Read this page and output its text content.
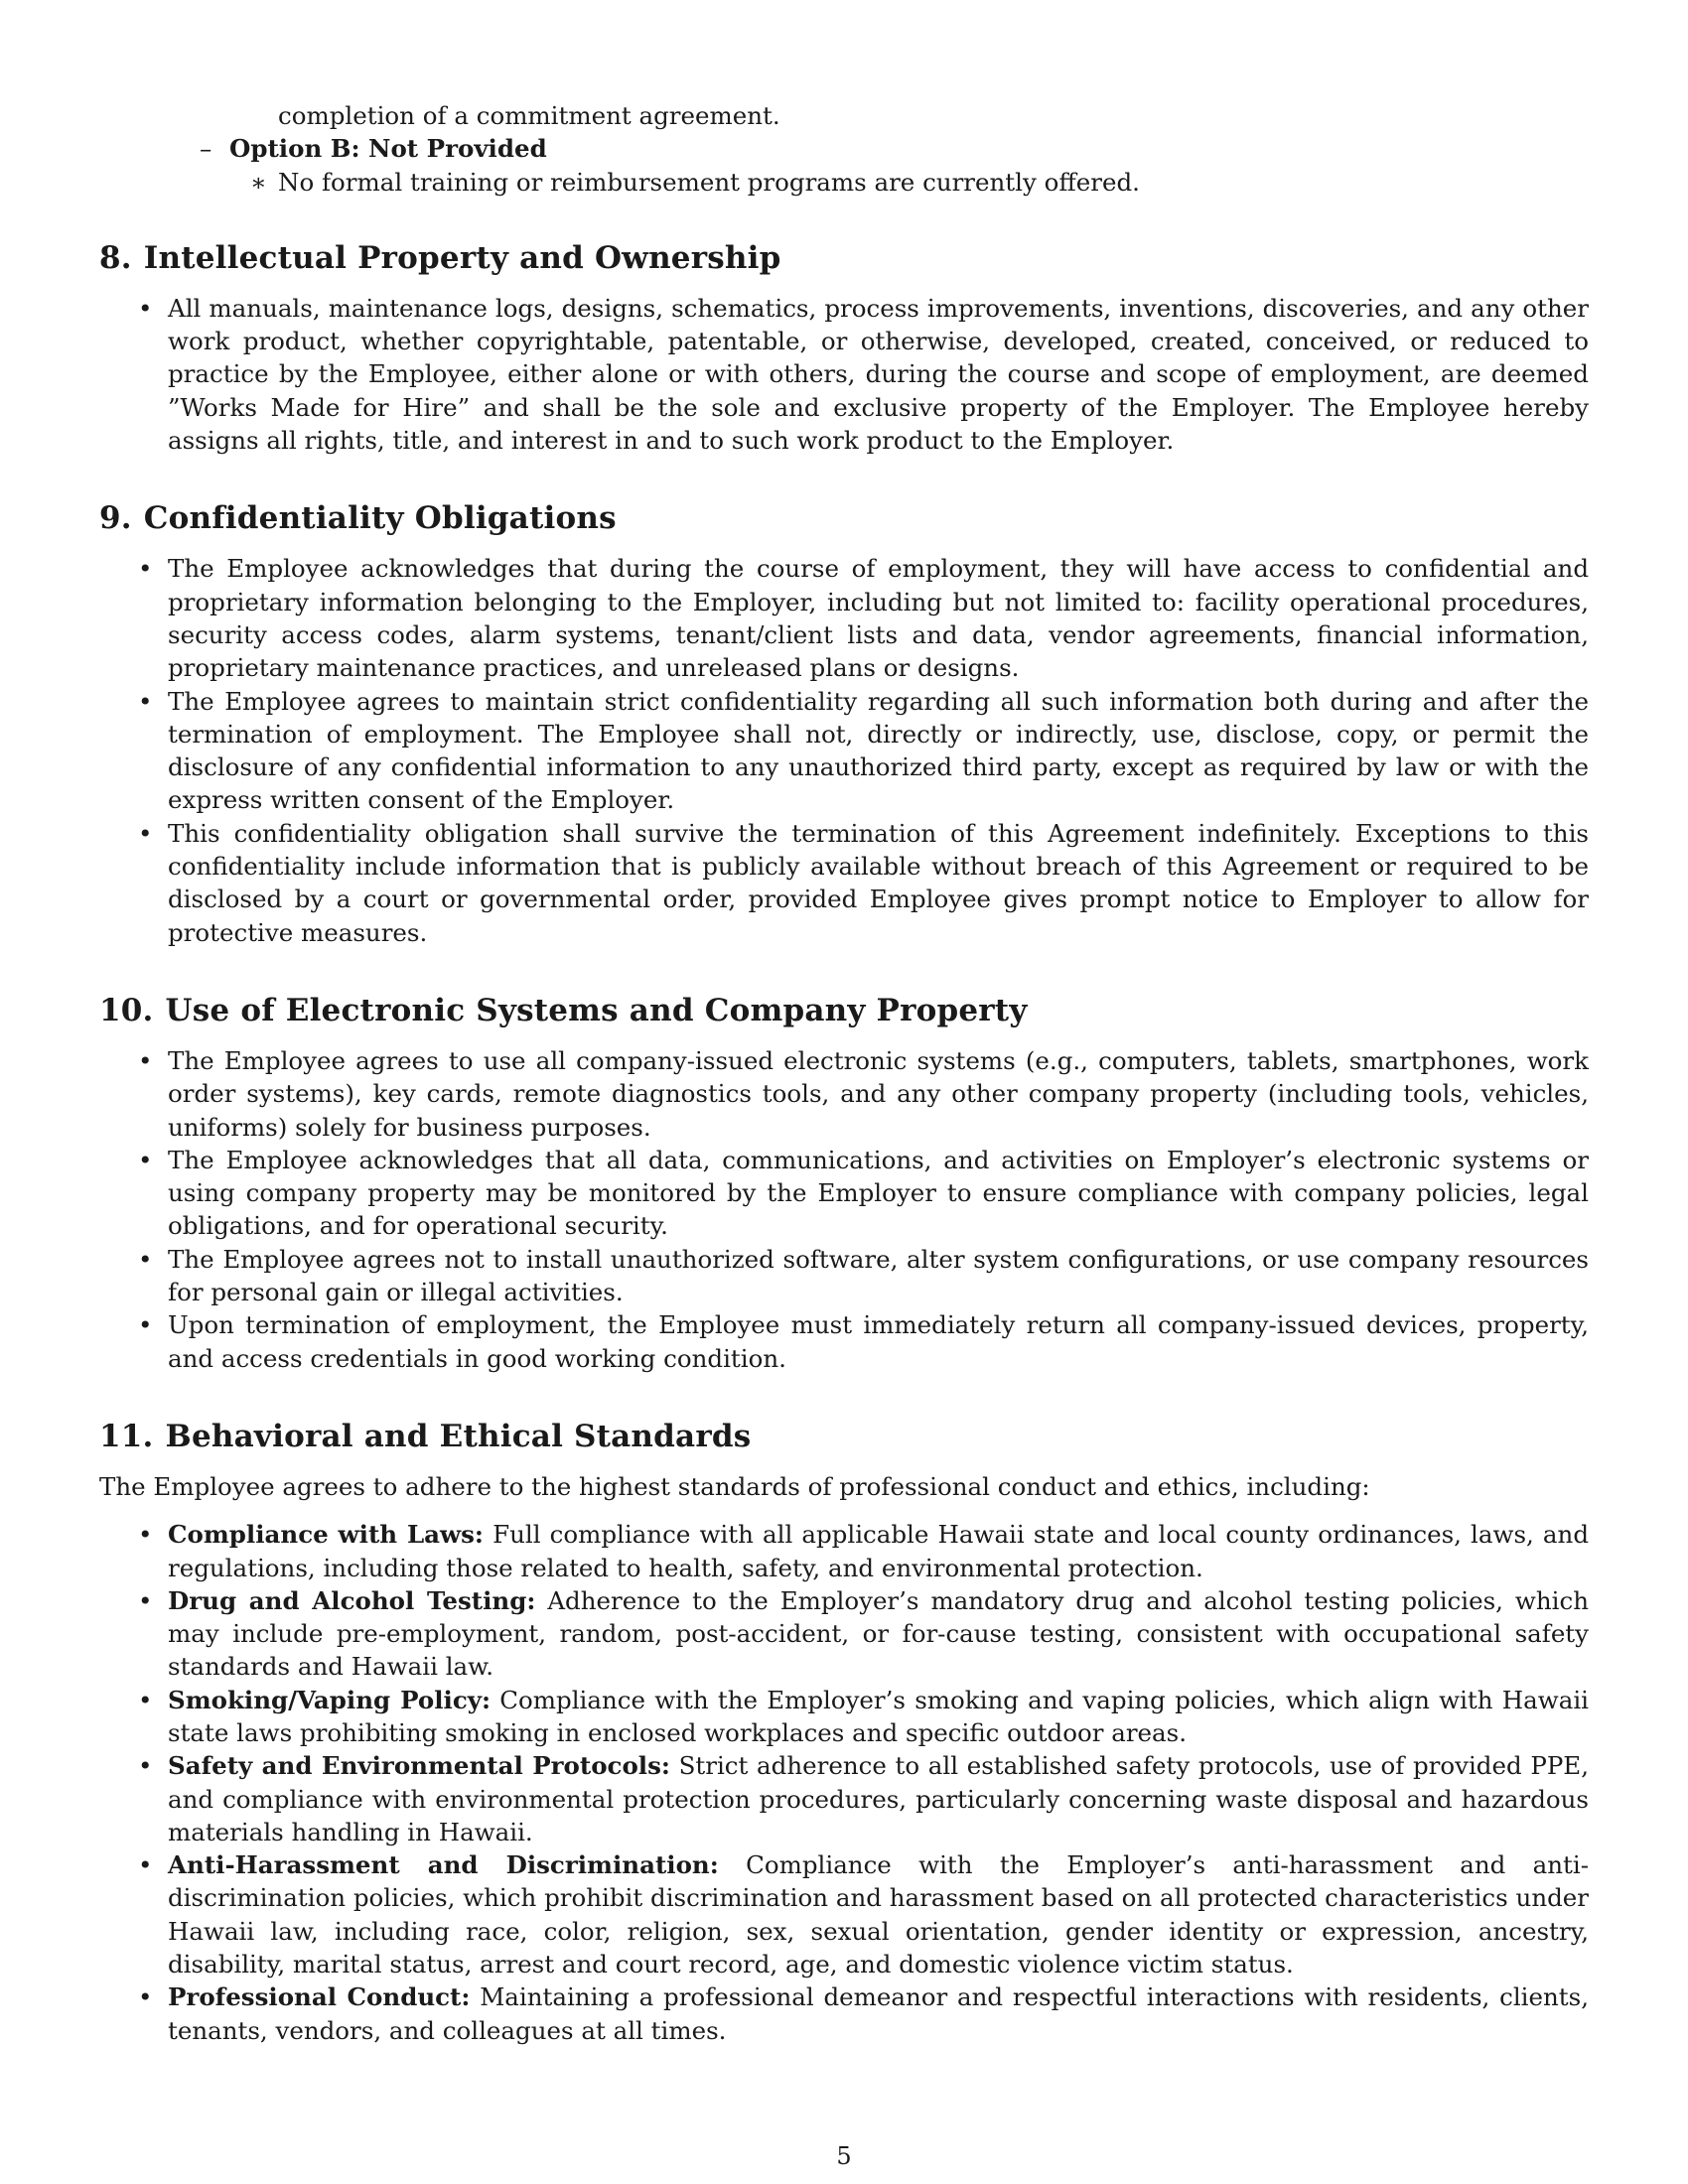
completion of a commitment agreement.

– Option B: Not Provided

∗ No formal training or reimbursement programs are currently offered.

8. Intellectual Property and Ownership
• All manuals, maintenance logs, designs, schematics, process improvements, inventions, discoveries, and any other work product, whether copyrightable, patentable, or otherwise, developed, created, conceived, or reduced to practice by the Employee, either alone or with others, during the course and scope of employment, are deemed ”Works Made for Hire” and shall be the sole and exclusive property of the Employer. The Employee hereby assigns all rights, title, and interest in and to such work product to the Employer.
9. Confidentiality Obligations
• The Employee acknowledges that during the course of employment, they will have access to confidential and proprietary information belonging to the Employer, including but not limited to: facility operational procedures, security access codes, alarm systems, tenant/client lists and data, vendor agreements, financial information, proprietary maintenance practices, and unreleased plans or designs.
• The Employee agrees to maintain strict confidentiality regarding all such information both during and after the termination of employment. The Employee shall not, directly or indirectly, use, disclose, copy, or permit the disclosure of any confidential information to any unauthorized third party, except as required by law or with the express written consent of the Employer.
• This confidentiality obligation shall survive the termination of this Agreement indefinitely. Exceptions to this confidentiality include information that is publicly available without breach of this Agreement or required to be disclosed by a court or governmental order, provided Employee gives prompt notice to Employer to allow for protective measures.
10. Use of Electronic Systems and Company Property
• The Employee agrees to use all company-issued electronic systems (e.g., computers, tablets, smartphones, work order systems), key cards, remote diagnostics tools, and any other company property (including tools, vehicles, uniforms) solely for business purposes.
• The Employee acknowledges that all data, communications, and activities on Employer’s electronic systems or using company property may be monitored by the Employer to ensure compliance with company policies, legal obligations, and for operational security.
• The Employee agrees not to install unauthorized software, alter system configurations, or use company resources for personal gain or illegal activities.
• Upon termination of employment, the Employee must immediately return all company-issued devices, property, and access credentials in good working condition.
11. Behavioral and Ethical Standards

The Employee agrees to adhere to the highest standards of professional conduct and ethics, including:

• Compliance with Laws: Full compliance with all applicable Hawaii state and local county ordinances, laws, and regulations, including those related to health, safety, and environmental protection.
• Drug and Alcohol Testing: Adherence to the Employer’s mandatory drug and alcohol testing policies, which may include pre-employment, random, post-accident, or for-cause testing, consistent with occupational safety standards and Hawaii law.
• Smoking/Vaping Policy: Compliance with the Employer’s smoking and vaping policies, which align with Hawaii state laws prohibiting smoking in enclosed workplaces and specific outdoor areas.
• Safety and Environmental Protocols: Strict adherence to all established safety protocols, use of provided PPE, and compliance with environmental protection procedures, particularly concerning waste disposal and hazardous materials handling in Hawaii.
• Anti-Harassment and Discrimination: Compliance with the Employer’s anti-harassment and anti-discrimination policies, which prohibit discrimination and harassment based on all protected characteristics under Hawaii law, including race, color, religion, sex, sexual orientation, gender identity or expression, ancestry, disability, marital status, arrest and court record, age, and domestic violence victim status.
• Professional Conduct: Maintaining a professional demeanor and respectful interactions with residents, clients, tenants, vendors, and colleagues at all times.
5
